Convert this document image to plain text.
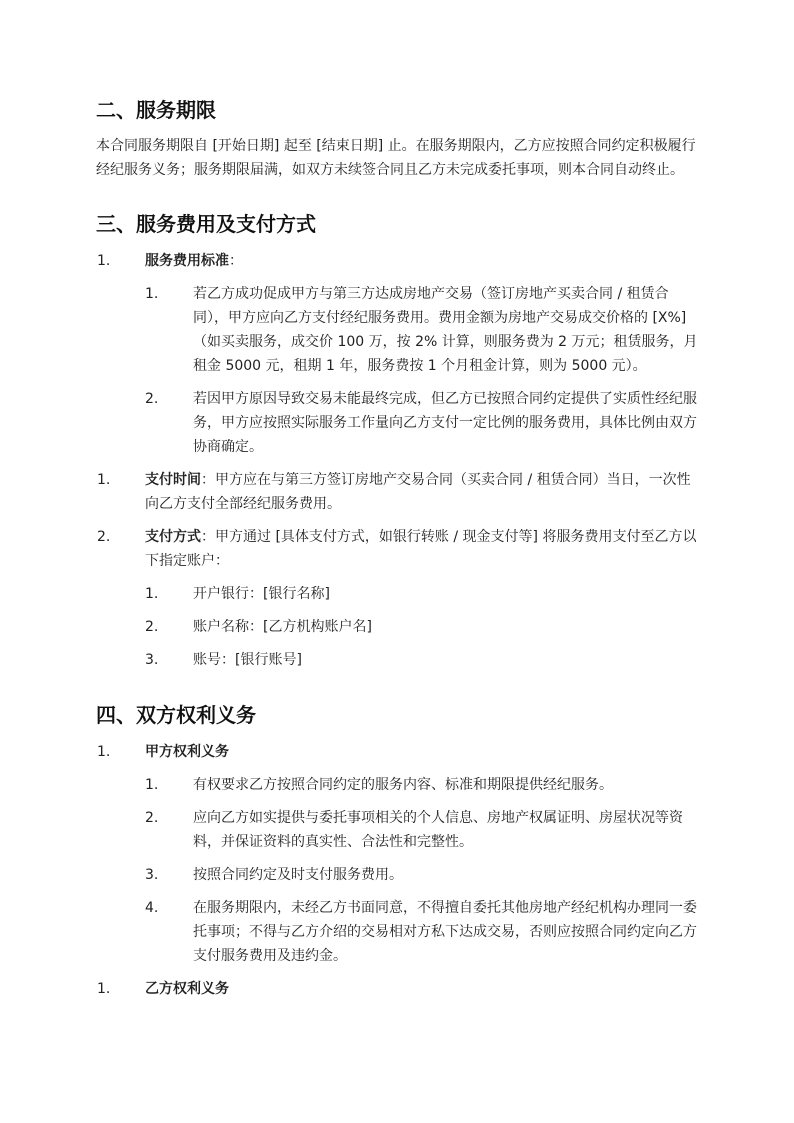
二、服务期限

本合同服务期限自 [开始日期] 起至 [结束日期] 止。在服务期限内，乙方应按照合同约定积极履行经纪服务义务；服务期限届满，如双方未续签合同且乙方未完成委托事项，则本合同自动终止。

三、服务费用及支付方式
1. 服务费用标准：
1. 若乙方成功促成甲方与第三方达成房地产交易（签订房地产买卖合同 / 租赁合同），甲方应向乙方支付经纪服务费用。费用金额为房地产交易成交价格的 [X%]（如买卖服务，成交价 100 万，按 2% 计算，则服务费为 2 万元；租赁服务，月租金 5000 元，租期 1 年，服务费按 1 个月租金计算，则为 5000 元）。
2. 若因甲方原因导致交易未能最终完成，但乙方已按照合同约定提供了实质性经纪服务，甲方应按照实际服务工作量向乙方支付一定比例的服务费用，具体比例由双方协商确定。
1. 支付时间：甲方应在与第三方签订房地产交易合同（买卖合同 / 租赁合同）当日，一次性向乙方支付全部经纪服务费用。
2. 支付方式：甲方通过 [具体支付方式，如银行转账 / 现金支付等] 将服务费用支付至乙方以下指定账户：
1. 开户银行：[银行名称]
2. 账户名称：[乙方机构账户名]
3. 账号：[银行账号]
四、双方权利义务
1. 甲方权利义务
1. 有权要求乙方按照合同约定的服务内容、标准和期限提供经纪服务。
2. 应向乙方如实提供与委托事项相关的个人信息、房地产权属证明、房屋状况等资料，并保证资料的真实性、合法性和完整性。
3. 按照合同约定及时支付服务费用。
4. 在服务期限内，未经乙方书面同意，不得擅自委托其他房地产经纪机构办理同一委托事项；不得与乙方介绍的交易相对方私下达成交易，否则应按照合同约定向乙方支付服务费用及违约金。
1. 乙方权利义务
